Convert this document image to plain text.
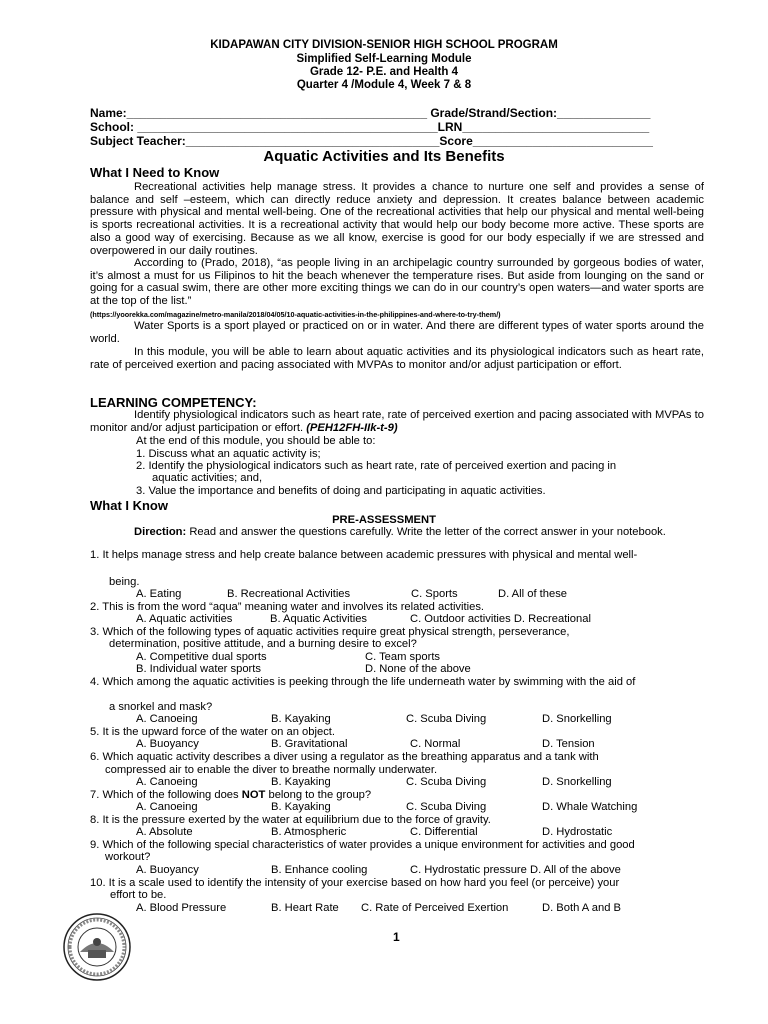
KIDAPAWAN CITY DIVISION-SENIOR HIGH SCHOOL PROGRAM
Simplified Self-Learning Module
Grade 12- P.E. and Health 4
Quarter 4 /Module 4, Week 7 & 8
Name:_____________________________________________ Grade/Strand/Section:______________
School: _____________________________________________LRN____________________________
Subject Teacher:______________________________________Score___________________________
Aquatic Activities and Its Benefits
What I Need to Know
Recreational activities help manage stress. It provides a chance to nurture one self and provides a sense of balance and self –esteem, which can directly reduce anxiety and depression. It creates balance between academic pressure with physical and mental well-being. One of the recreational activities that help our physical and mental well-being is sports recreational activities. It is a recreational activity that would help our body become more active. These sports are also a good way of exercising. Because as we all know, exercise is good for our body especially if we are stressed and overpowered in our daily routines.
According to (Prado, 2018), “as people living in an archipelagic country surrounded by gorgeous bodies of water, it’s almost a must for us Filipinos to hit the beach whenever the temperature rises. But aside from lounging on the sand or going for a casual swim, there are other more exciting things we can do in our country’s open waters—and water sports are at the top of the list.”
(https://yoorekka.com/magazine/metro-manila/2018/04/05/10-aquatic-activities-in-the-philippines-and-where-to-try-them/)
Water Sports is a sport played or practiced on or in water. And there are different types of water sports around the world.
In this module, you will be able to learn about aquatic activities and its physiological indicators such as heart rate, rate of perceived exertion and pacing associated with MVPAs to monitor and/or adjust participation or effort.
LEARNING COMPETENCY:
Identify physiological indicators such as heart rate, rate of perceived exertion and pacing associated with MVPAs to monitor and/or adjust participation or effort. (PEH12FH-IIk-t-9)
At the end of this module, you should be able to:
1. Discuss what an aquatic activity is;
2. Identify the physiological indicators such as heart rate, rate of perceived exertion and pacing in
aquatic activities; and,
3. Value the importance and benefits of doing and participating in aquatic activities.
What I Know
PRE-ASSESSMENT
Direction: Read and answer the questions carefully. Write the letter of the correct answer in your notebook.
1. It helps manage stress and help create balance between academic pressures with physical and mental well-
being.
A. Eating	B. Recreational Activities	C. Sports	D. All of these
2. This is from the word “aqua” meaning water and involves its related activities.
A. Aquatic activities	B. Aquatic Activities	C. Outdoor activities D. Recreational
3. Which of the following types of aquatic activities require great physical strength, perseverance,
determination, positive attitude, and a burning desire to excel?
A. Competitive dual sports	C. Team sports
B. Individual water sports	D. None of the above
4. Which among the aquatic activities is peeking through the life underneath water by swimming with the aid of
a snorkel and mask?
A. Canoeing	B. Kayaking	C. Scuba Diving	D. Snorkelling
5. It is the upward force of the water on an object.
A. Buoyancy	B. Gravitational	C. Normal	D. Tension
6. Which aquatic activity describes a diver using a regulator as the breathing apparatus and a tank with
compressed air to enable the diver to breathe normally underwater.
A. Canoeing	B. Kayaking	C. Scuba Diving	D. Snorkelling
7. Which of the following does NOT belong to the group?
A. Canoeing	B. Kayaking	C. Scuba Diving	D. Whale Watching
8. It is the pressure exerted by the water at equilibrium due to the force of gravity.
A. Absolute	B. Atmospheric	C. Differential	D. Hydrostatic
9. Which of the following special characteristics of water provides a unique environment for activities and good
workout?
A. Buoyancy	B. Enhance cooling	C. Hydrostatic pressure D. All of the above
10. It is a scale used to identify the intensity of your exercise based on how hard you feel (or perceive) your
effort to be.
A. Blood Pressure	B. Heart Rate C. Rate of Perceived Exertion	D. Both A and B
1
